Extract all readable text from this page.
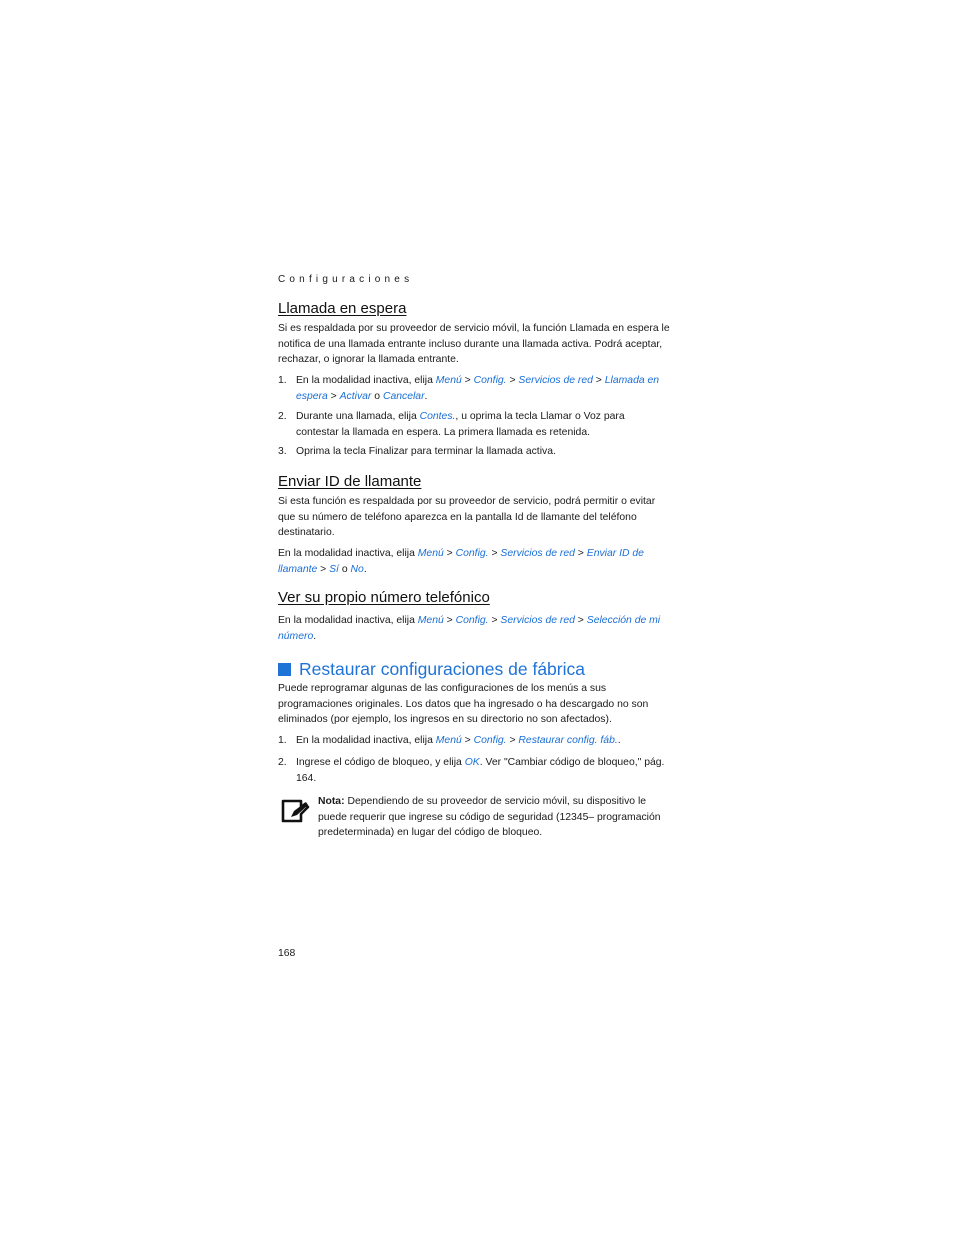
Configuraciones
Llamada en espera
Si es respaldada por su proveedor de servicio móvil, la función Llamada en espera le notifica de una llamada entrante incluso durante una llamada activa. Podrá aceptar, rechazar, o ignorar la llamada entrante.
1. En la modalidad inactiva, elija Menú > Config. > Servicios de red > Llamada en espera > Activar o Cancelar.
2. Durante una llamada, elija Contes., u oprima la tecla Llamar o Voz para contestar la llamada en espera. La primera llamada es retenida.
3. Oprima la tecla Finalizar para terminar la llamada activa.
Enviar ID de llamante
Si esta función es respaldada por su proveedor de servicio, podrá permitir o evitar que su número de teléfono aparezca en la pantalla Id de llamante del teléfono destinatario.
En la modalidad inactiva, elija Menú > Config. > Servicios de red > Enviar ID de llamante > Sí o No.
Ver su propio número telefónico
En la modalidad inactiva, elija Menú > Config. > Servicios de red > Selección de mi número.
Restaurar configuraciones de fábrica
Puede reprogramar algunas de las configuraciones de los menús a sus programaciones originales. Los datos que ha ingresado o ha descargado no son eliminados (por ejemplo, los ingresos en su directorio no son afectados).
1. En la modalidad inactiva, elija Menú > Config. > Restaurar config. fáb..
2. Ingrese el código de bloqueo, y elija OK. Ver "Cambiar código de bloqueo," pág. 164.
Nota: Dependiendo de su proveedor de servicio móvil, su dispositivo le puede requerir que ingrese su código de seguridad (12345– programación predeterminada) en lugar del código de bloqueo.
168
